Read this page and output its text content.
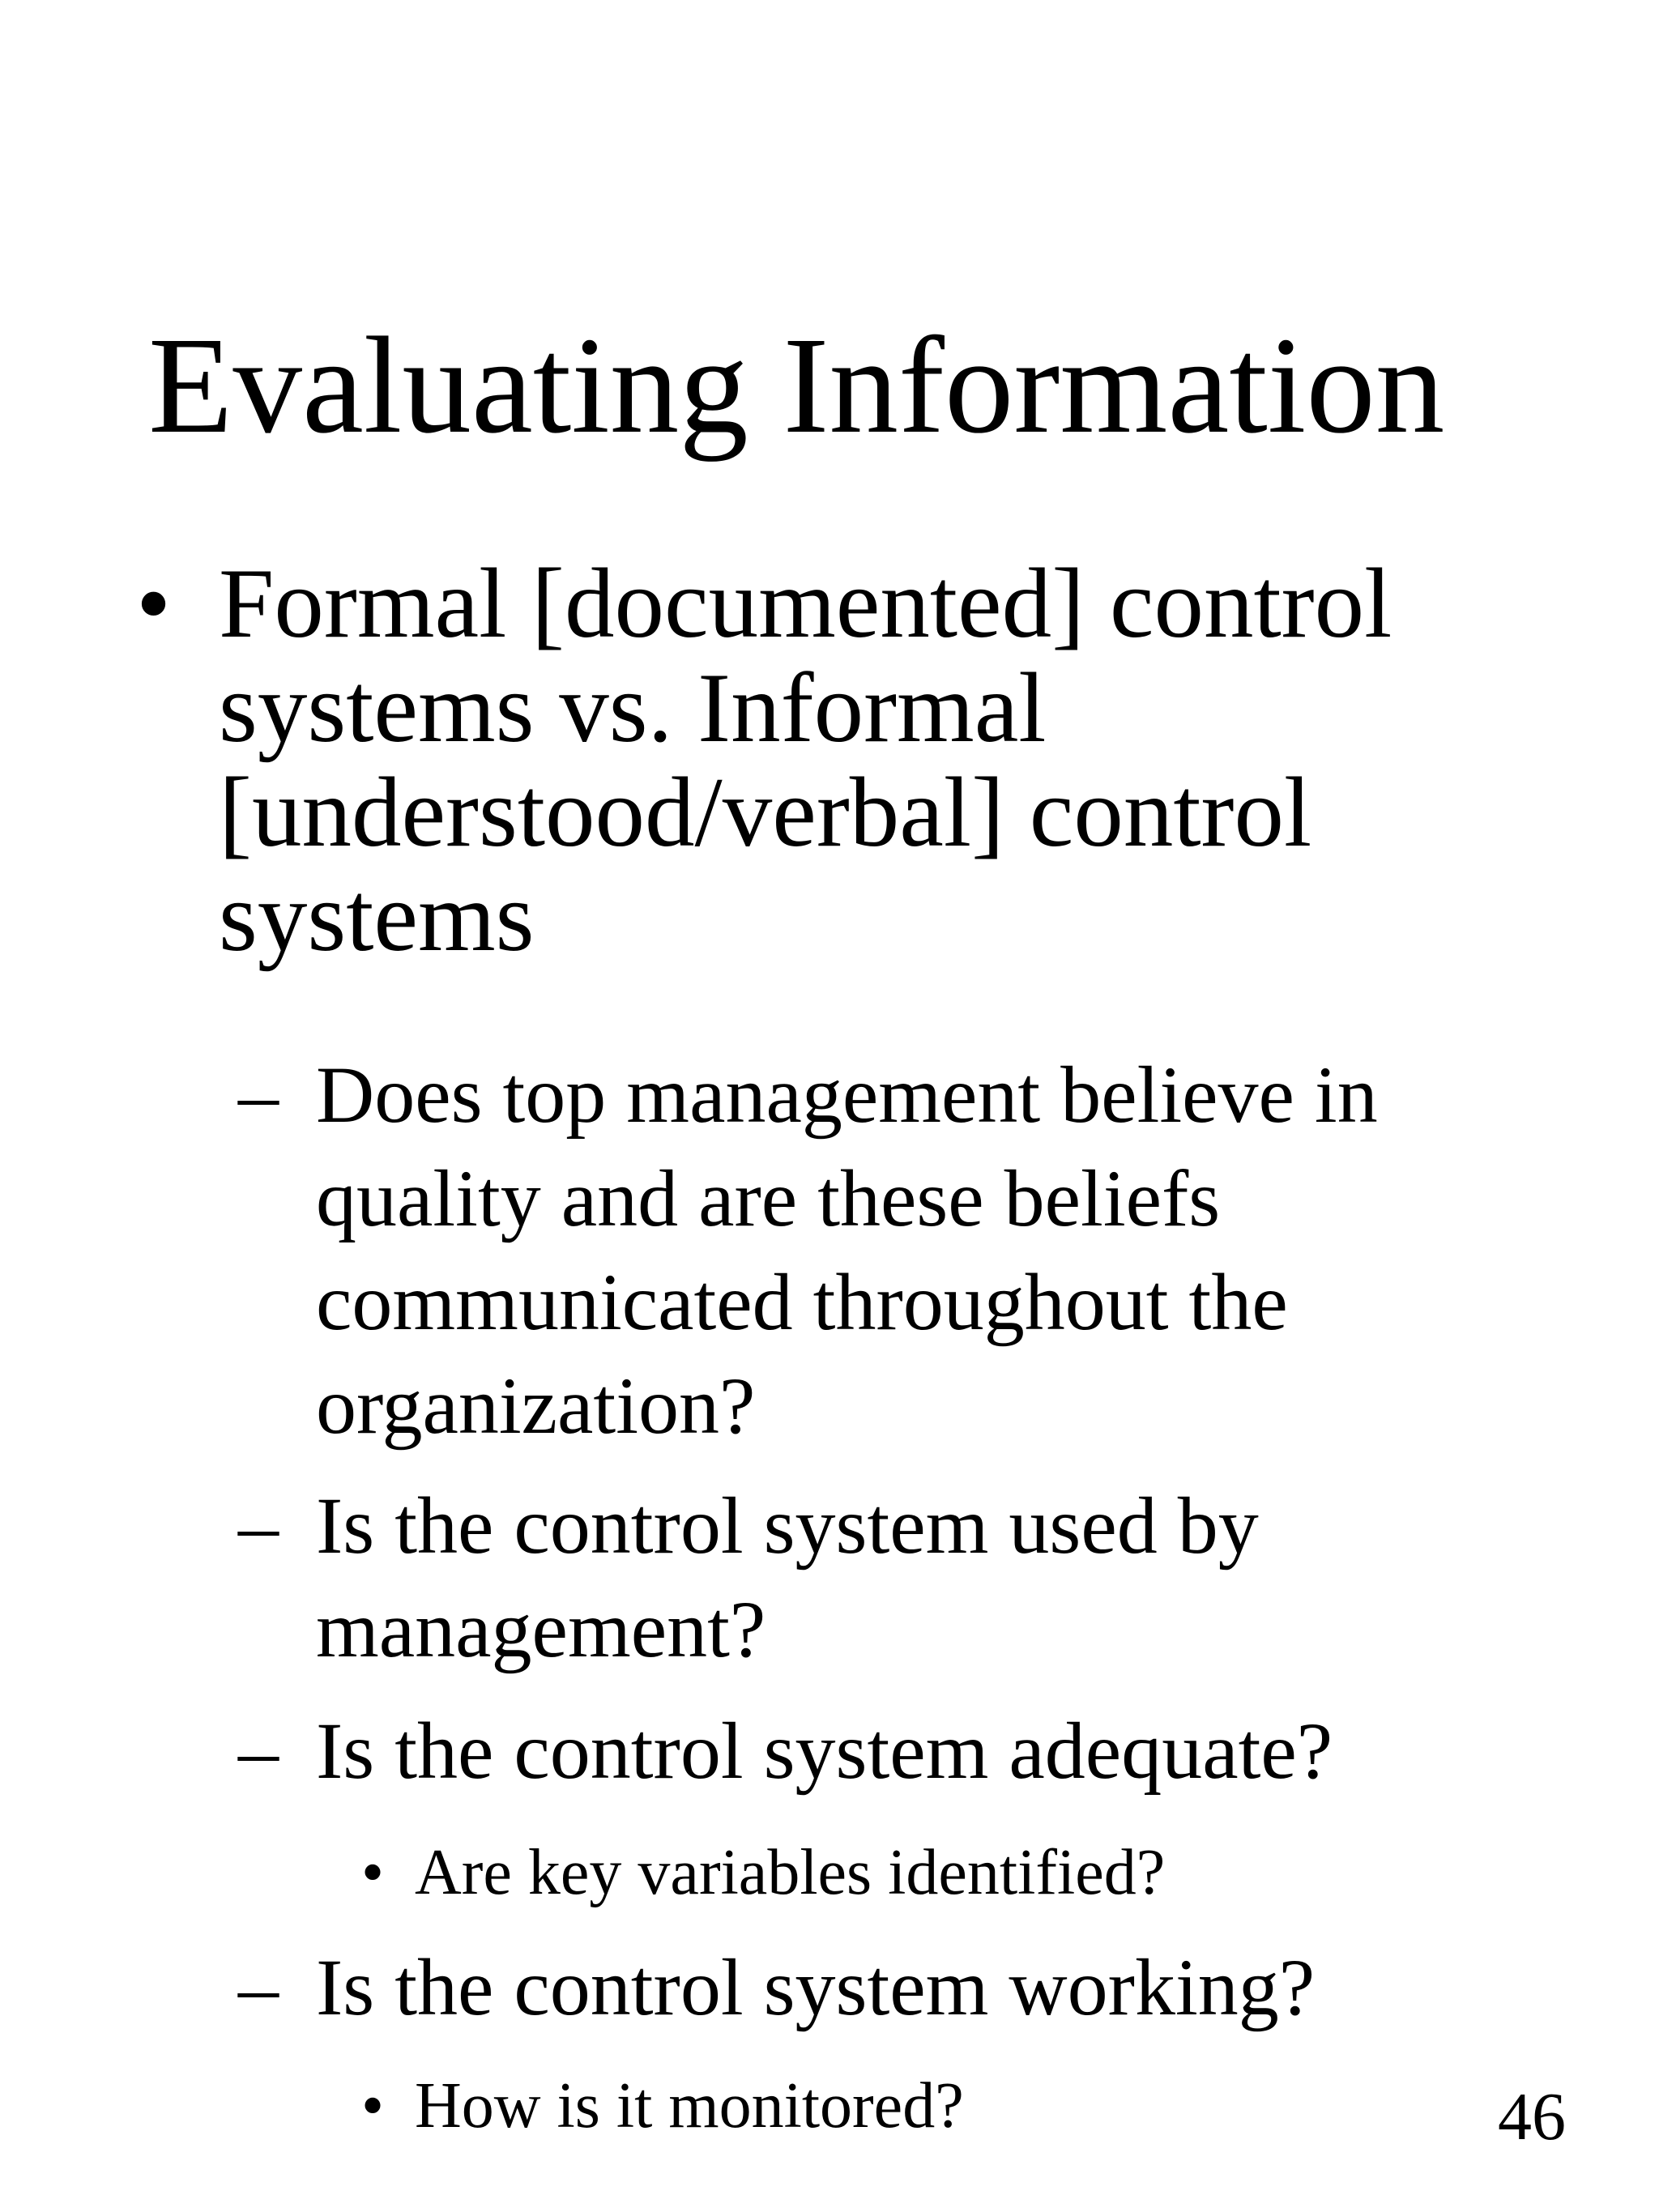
Evaluating Information

• Formal [documented] control systems vs. Informal [understood/verbal] control systems

– Does top management believe in quality and are these beliefs communicated throughout the organization?

– Is the control system used by management?

– Is the control system adequate?

• Are key variables identified?

– Is the control system working?

• How is it monitored?	46
